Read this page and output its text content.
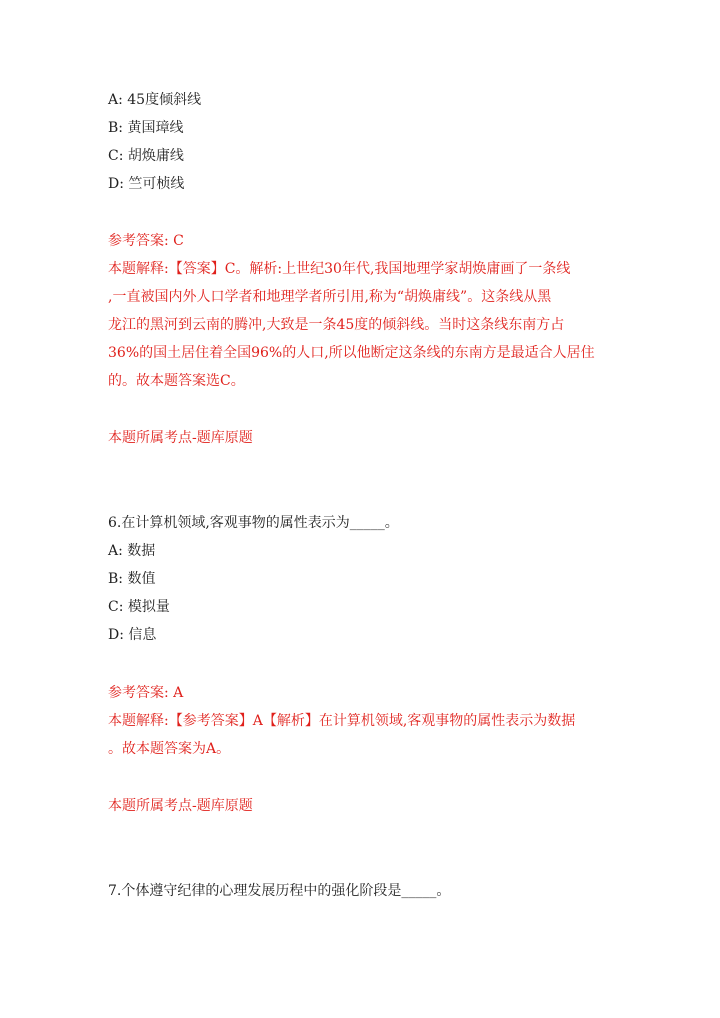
A: 45度倾斜线
B: 黄国璋线
C: 胡焕庸线
D: 竺可桢线
参考答案: C
本题解释:【答案】C。解析:上世纪30年代,我国地理学家胡焕庸画了一条线
,一直被国内外人口学者和地理学者所引用,称为“胡焕庸线”。这条线从黑
龙江的黑河到云南的腾冲,大致是一条45度的倾斜线。当时这条线东南方占
36%的国土居住着全国96%的人口,所以他断定这条线的东南方是最适合人居住
的。故本题答案选C。
本题所属考点-题库原题
6.在计算机领域,客观事物的属性表示为_____。
A: 数据
B: 数值
C: 模拟量
D: 信息
参考答案: A
本题解释:【参考答案】A【解析】在计算机领域,客观事物的属性表示为数据
。故本题答案为A。
本题所属考点-题库原题
7.个体遵守纪律的心理发展历程中的强化阶段是_____。
